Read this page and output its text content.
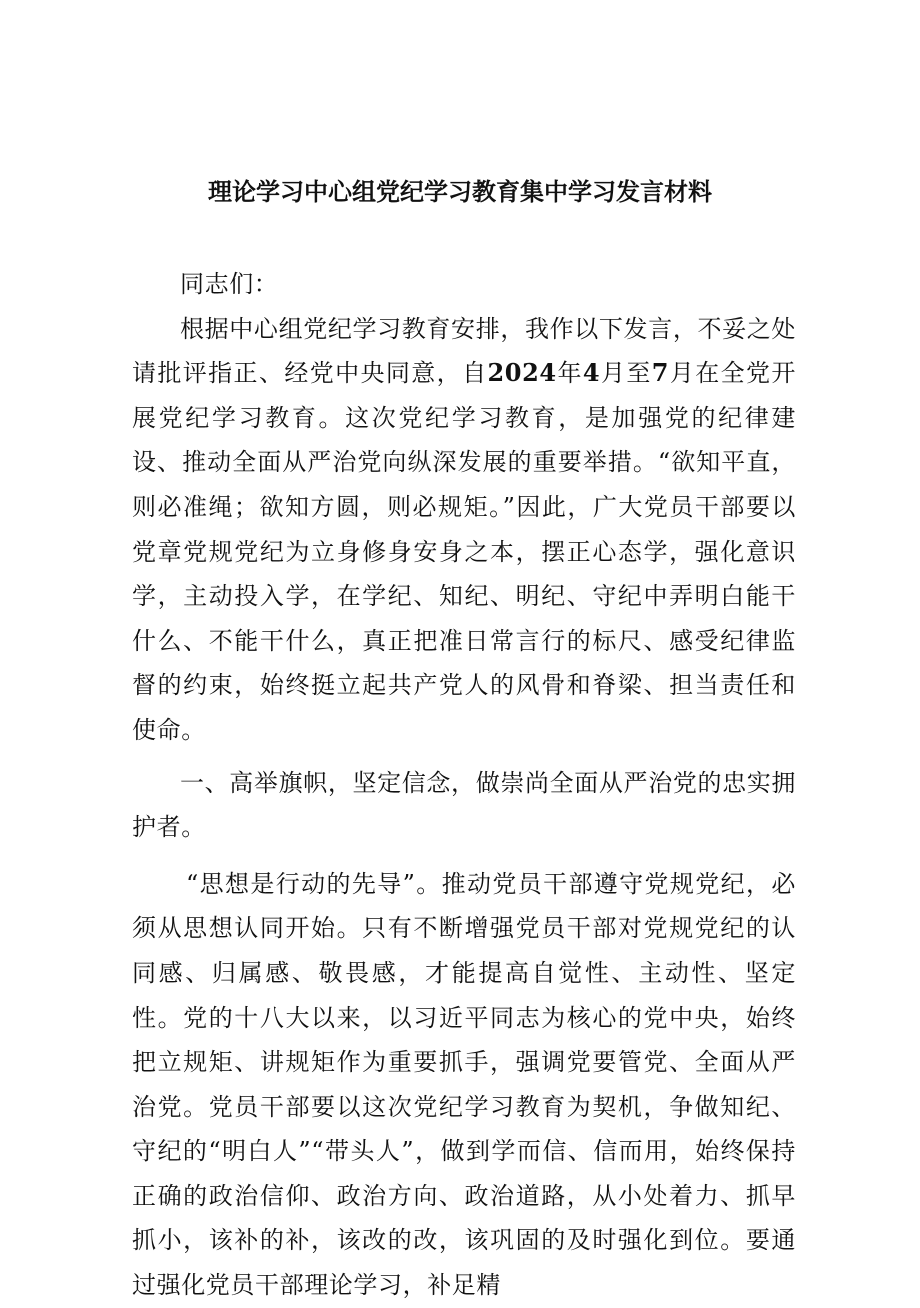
理论学习中心组党纪学习教育集中学习发言材料

同志们：

根据中心组党纪学习教育安排，我作以下发言，不妥之处请批评指正、经党中央同意，自2024年4月至7月在全党开展党纪学习教育。这次党纪学习教育，是加强党的纪律建设、推动全面从严治党向纵深发展的重要举措。“欲知平直，则必准绳；欲知方圆，则必规矩。”因此，广大党员干部要以党章党规党纪为立身修身安身之本，摆正心态学，强化意识学，主动投入学，在学纪、知纪、明纪、守纪中弄明白能干什么、不能干什么，真正把准日常言行的标尺、感受纪律监督的约束，始终挺立起共产党人的风骨和脊梁、担当责任和使命。

一、高举旗帜，坚定信念，做崇尚全面从严治党的忠实拥护者。

“思想是行动的先导”。推动党员干部遵守党规党纪，必须从思想认同开始。只有不断增强党员干部对党规党纪的认同感、归属感、敬畏感，才能提高自觉性、主动性、坚定性。党的十八大以来，以习近平同志为核心的党中央，始终把立规矩、讲规矩作为重要抓手，强调党要管党、全面从严治党。党员干部要以这次党纪学习教育为契机，争做知纪、守纪的“明白人”“带头人”，做到学而信、信而用，始终保持正确的政治信仰、政治方向、政治道路，从小处着力、抓早抓小，该补的补，该改的改，该巩固的及时强化到位。要通过强化党员干部理论学习，补足精
